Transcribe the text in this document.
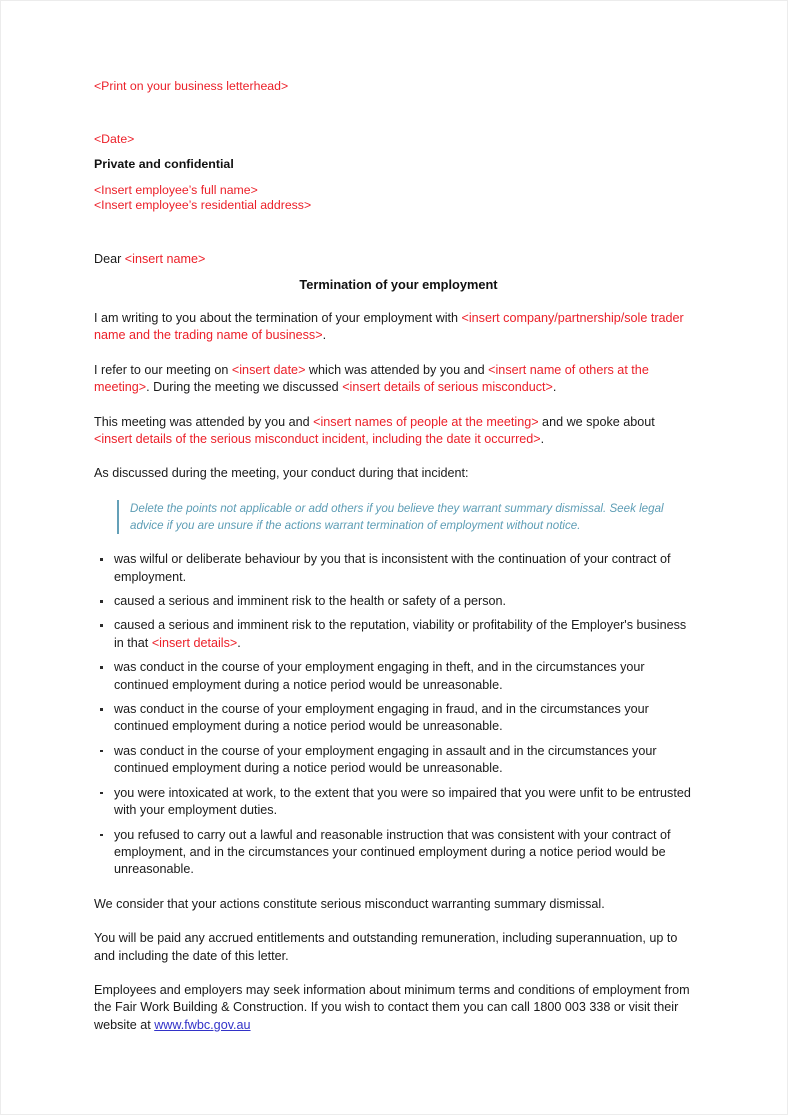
<Print on your business letterhead>

<Date>

Private and confidential

<Insert employee’s full name>

<Insert employee’s residential address>

Dear <insert name>

Termination of your employment

I am writing to you about the termination of your employment with <insert company/partnership/sole trader name and the trading name of business>.

I refer to our meeting on <insert date> which was attended by you and <insert name of others at the meeting>. During the meeting we discussed <insert details of serious misconduct>.

This meeting was attended by you and <insert names of people at the meeting> and we spoke about <insert details of the serious misconduct incident, including the date it occurred>.

As discussed during the meeting, your conduct during that incident:

Delete the points not applicable or add others if you believe they warrant summary dismissal. Seek legal advice if you are unsure if the actions warrant termination of employment without notice.

was wilful or deliberate behaviour by you that is inconsistent with the continuation of your contract of employment.
caused a serious and imminent risk to the health or safety of a person.
caused a serious and imminent risk to the reputation, viability or profitability of the Employer's business in that <insert details>.
was conduct in the course of your employment engaging in theft, and in the circumstances your continued employment during a notice period would be unreasonable.
was conduct in the course of your employment engaging in fraud, and in the circumstances your continued employment during a notice period would be unreasonable.
was conduct in the course of your employment engaging in assault and in the circumstances your continued employment during a notice period would be unreasonable.
you were intoxicated at work, to the extent that you were so impaired that you were unfit to be entrusted with your employment duties.
you refused to carry out a lawful and reasonable instruction that was consistent with your contract of employment, and in the circumstances your continued employment during a notice period would be unreasonable.

We consider that your actions constitute serious misconduct warranting summary dismissal.

You will be paid any accrued entitlements and outstanding remuneration, including superannuation, up to and including the date of this letter.

Employees and employers may seek information about minimum terms and conditions of employment from the Fair Work Building & Construction. If you wish to contact them you can call 1800 003 338 or visit their website at www.fwbc.gov.au
